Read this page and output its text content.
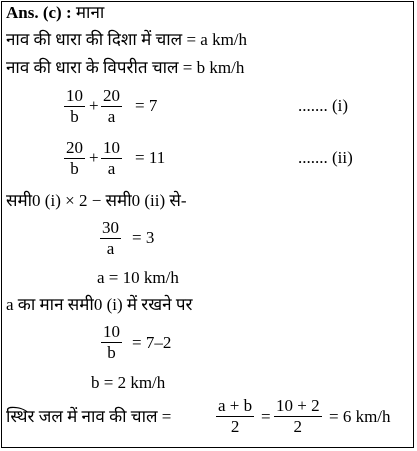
Ans. (c) : माना
नाव की धारा की दिशा में चाल = a km/h
नाव की धारा के विपरीत चाल = b km/h
$\frac{10}{b} + \frac{20}{a} = 7$	....... (i)
$\frac{20}{b} + \frac{10}{a} = 11$	....... (ii)
समी0 (i) × 2 − समी0 (ii) से-
$\frac{30}{a} = 3$
a = 10 km/h
a का मान समी0 (i) में रखने पर
$\frac{10}{b} = 7-2$
b = 2 km/h
स्थिर जल में नाव की चाल =	$\frac{a + b}{2} = \frac{10 + 2}{2} = 6$ km/h
